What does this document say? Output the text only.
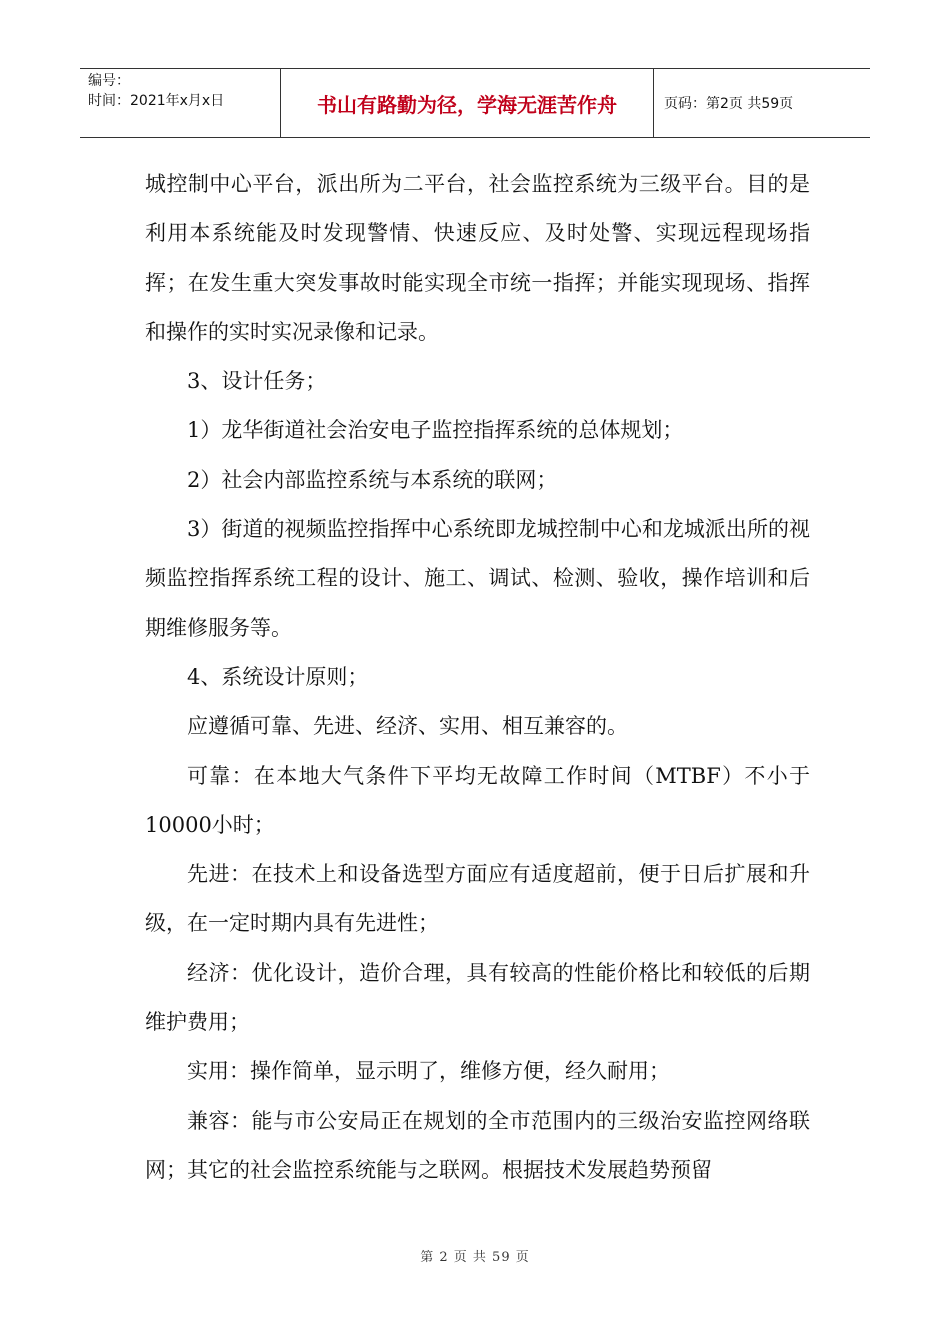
编号：
时间：2021年x月x日	书山有路勤为径，学海无涯苦作舟	页码：第2页 共59页

城控制中心平台，派出所为二平台，社会监控系统为三级平台。目的是利用本系统能及时发现警情、快速反应、及时处警、实现远程现场指挥；在发生重大突发事故时能实现全市统一指挥；并能实现现场、指挥和操作的实时实况录像和记录。

3、设计任务；

1）龙华街道社会治安电子监控指挥系统的总体规划；

2）社会内部监控系统与本系统的联网；

3）街道的视频监控指挥中心系统即龙城控制中心和龙城派出所的视频监控指挥系统工程的设计、施工、调试、检测、验收，操作培训和后期维修服务等。

4、系统设计原则；

应遵循可靠、先进、经济、实用、相互兼容的。

可靠：在本地大气条件下平均无故障工作时间（MTBF）不小于10000小时；

先进：在技术上和设备选型方面应有适度超前，便于日后扩展和升级，在一定时期内具有先进性；

经济：优化设计，造价合理，具有较高的性能价格比和较低的后期维护费用；

实用：操作简单，显示明了，维修方便，经久耐用；

兼容：能与市公安局正在规划的全市范围内的三级治安监控网络联网；其它的社会监控系统能与之联网。根据技术发展趋势预留

第 2 页 共 59 页
